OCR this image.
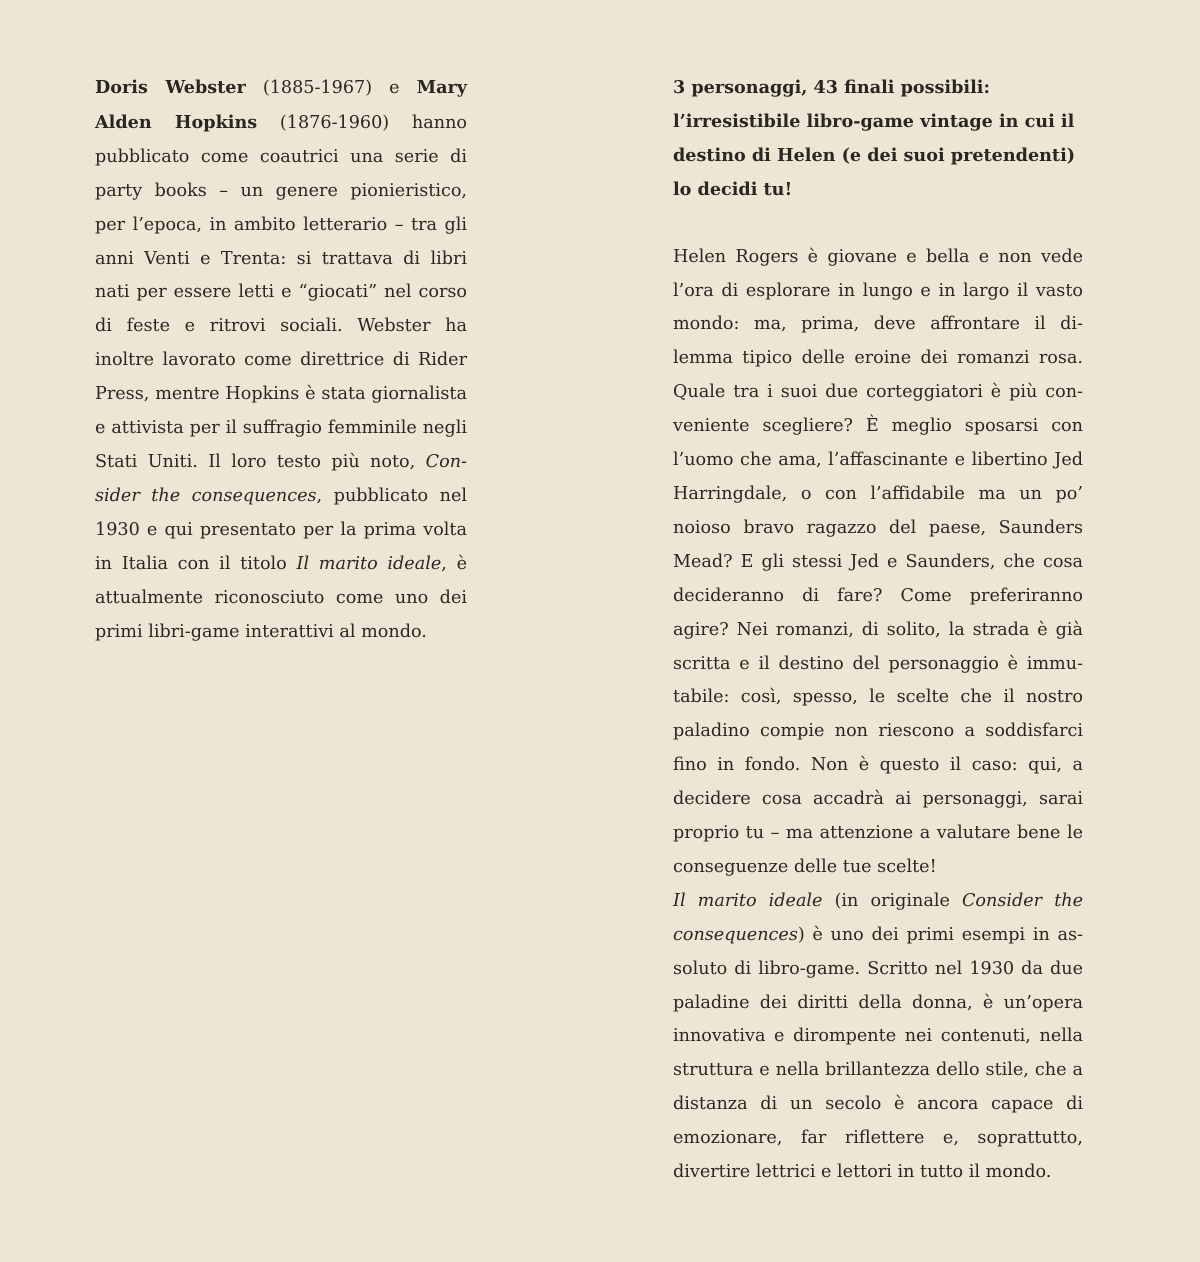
Doris Webster (1885-1967) e Mary Alden Hopkins (1876-1960) hanno pubblicato come coautrici una serie di party books – un genere pionieristico, per l’epoca, in ambito letterario – tra gli anni Venti e Trenta: si trattava di libri nati per essere letti e “giocati” nel corso di feste e ritrovi sociali. Webster ha inoltre lavorato come direttrice di Rider Press, mentre Hopkins è stata giornalista e attivista per il suffragio femminile negli Stati Uniti. Il loro testo più noto, Consider the consequences, pubblicato nel 1930 e qui presentato per la prima volta in Italia con il titolo Il marito ideale, è attualmente riconosciuto come uno dei primi libri-game interattivi al mondo.

3 personaggi, 43 finali possibili: l’irresistibile libro-game vintage in cui il destino di Helen (e dei suoi pretendenti) lo decidi tu!

Helen Rogers è giovane e bella e non vede l’ora di esplorare in lungo e in largo il vasto mondo: ma, prima, deve affrontare il dilemma tipico delle eroine dei romanzi rosa. Quale tra i suoi due corteggiatori è più conveniente scegliere? È meglio sposarsi con l’uomo che ama, l’affascinante e libertino Jed Harringdale, o con l’affidabile ma un po’ noioso bravo ragazzo del paese, Saunders Mead? E gli stessi Jed e Saunders, che cosa decideranno di fare? Come preferiranno agire? Nei romanzi, di solito, la strada è già scritta e il destino del personaggio è immutabile: così, spesso, le scelte che il nostro paladino compie non riescono a soddisfarci fino in fondo. Non è questo il caso: qui, a decidere cosa accadrà ai personaggi, sarai proprio tu – ma attenzione a valutare bene le conseguenze delle tue scelte!

Il marito ideale (in originale Consider the consequences) è uno dei primi esempi in assoluto di libro-game. Scritto nel 1930 da due paladine dei diritti della donna, è un’opera innovativa e dirompente nei contenuti, nella struttura e nella brillantezza dello stile, che a distanza di un secolo è ancora capace di emozionare, far riflettere e, soprattutto, divertire lettrici e lettori in tutto il mondo.
